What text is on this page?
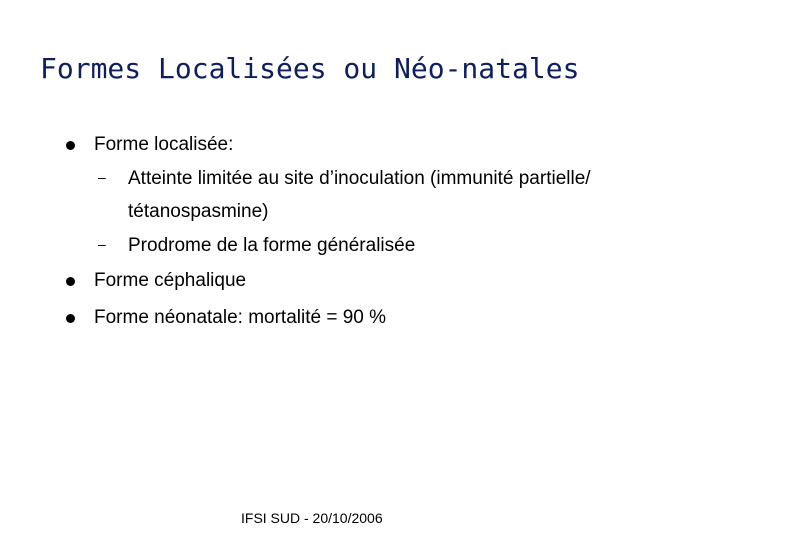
Formes Localisées ou Néo-natales
Forme localisée:
– Atteinte limitée au site d’inoculation (immunité partielle/ tétanospasmine)
– Prodrome de la forme généralisée
Forme céphalique
Forme néonatale: mortalité = 90 %
IFSI SUD - 20/10/2006
